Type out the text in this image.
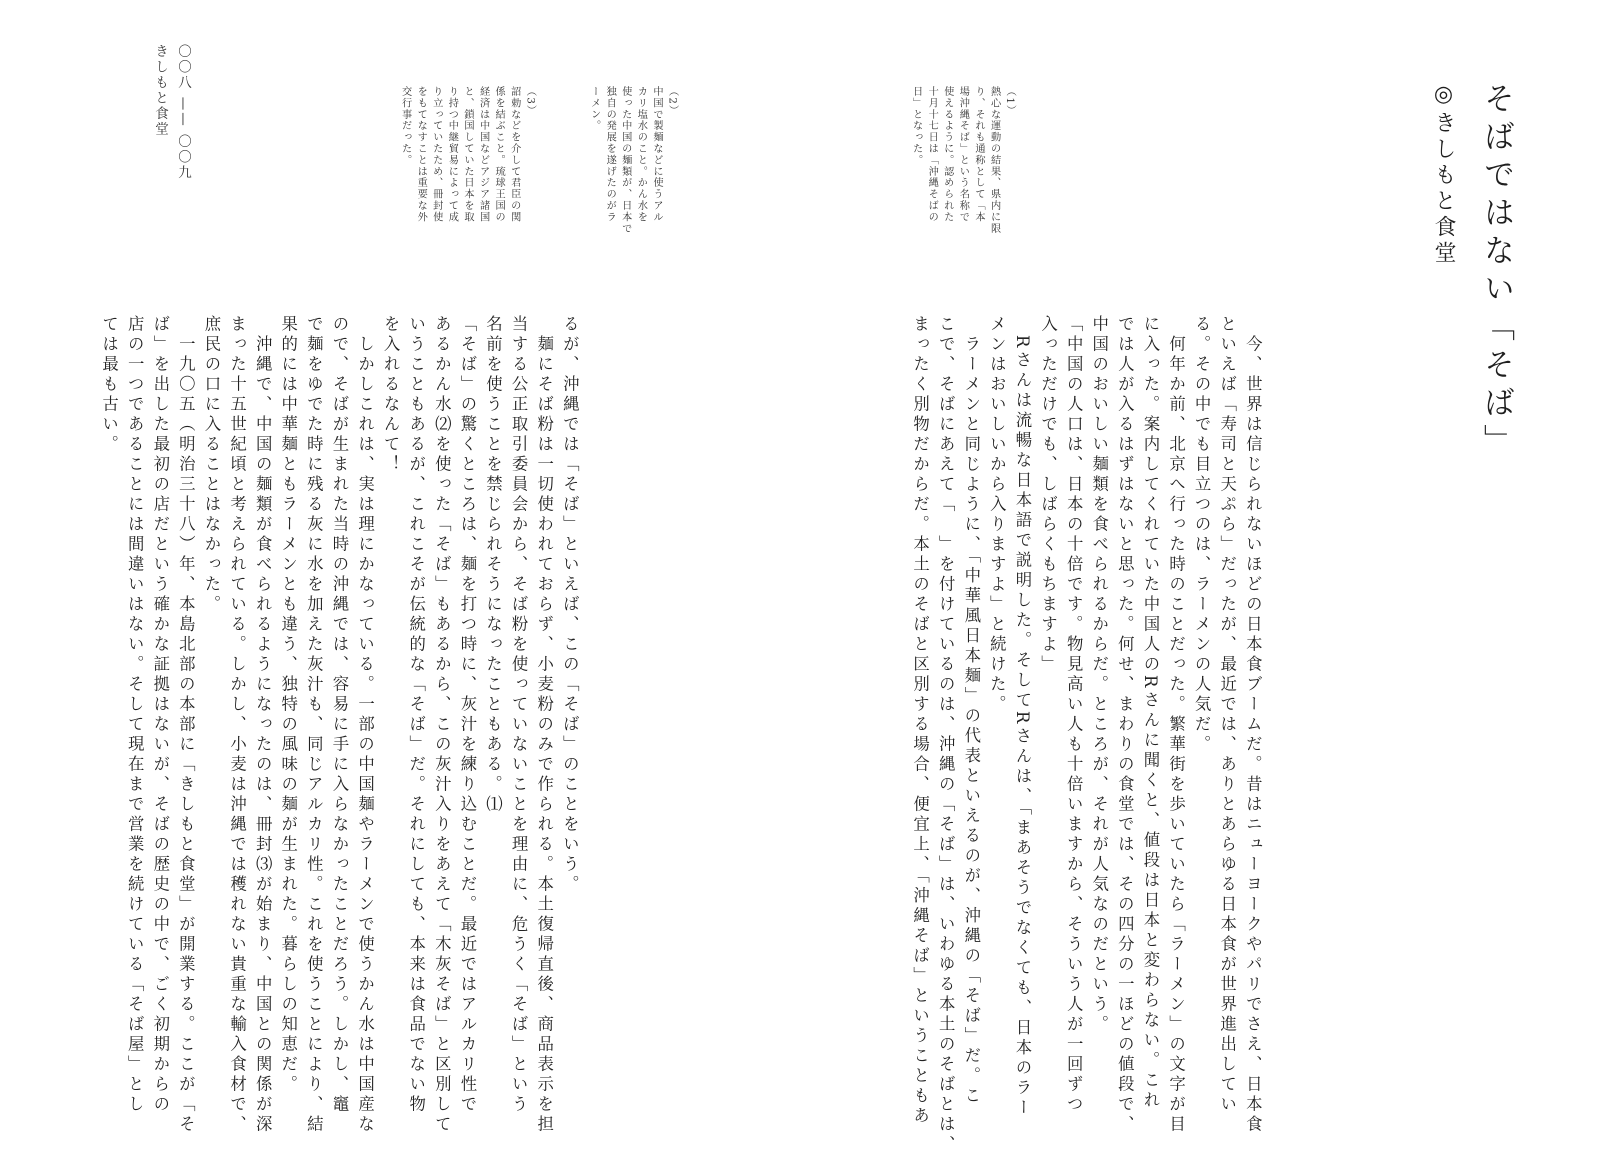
そばではない「そば」
◎きしもと食堂
　今、世界は信じられないほどの日本食ブームだ。昔はニューヨークやパリでさえ、日本食
といえば「寿司と天ぷら」だったが、最近では、ありとあらゆる日本食が世界進出してい
る。その中でも目立つのは、ラーメンの人気だ。
　何年か前、北京へ行った時のことだった。繁華街を歩いていたら「ラーメン」の文字が目
に入った。案内してくれていた中国人のRさんに聞くと、値段は日本と変わらない。これ
では人が入るはずはないと思った。何せ、まわりの食堂では、その四分の一ほどの値段で、
中国のおいしい麺類を食べられるからだ。ところが、それが人気なのだという。
「中国の人口は、日本の十倍です。物見高い人も十倍いますから、そういう人が一回ずつ
入っただけでも、しばらくもちますよ」
　Rさんは流暢な日本語で説明した。そしてRさんは、「まあそうでなくても、日本のラー
メンはおいしいから入りますよ」と続けた。
　ラーメンと同じように、「中華風日本麺」の代表といえるのが、沖縄の「そば」だ。こ
こで、そばにあえて「　」を付けているのは、沖縄の「そば」は、いわゆる本土のそばとは、
まったく別物だからだ。本土のそばと区別する場合、便宜上、「沖縄そば」ということもあ
るが、沖縄では「そば」といえば、この「そば」のことをいう。
　麺にそば粉は一切使われておらず、小麦粉のみで作られる。本土復帰直後、商品表示を担
当する公正取引委員会から、そば粉を使っていないことを理由に、危うく「そば」という
名前を使うことを禁じられそうになったこともある。⑴
「そば」の驚くところは、麺を打つ時に、灰汁を練り込むことだ。最近ではアルカリ性で
あるかん水⑵を使った「そば」もあるから、この灰汁入りをあえて「木灰そば」と区別して
いうこともあるが、これこそが伝統的な「そば」だ。それにしても、本来は食品でない物
を入れるなんて！
　しかしこれは、実は理にかなっている。一部の中国麺やラーメンで使うかん水は中国産な
ので、そばが生まれた当時の沖縄では、容易に手に入らなかったことだろう。しかし、竈
で麺をゆでた時に残る灰に水を加えた灰汁も、同じアルカリ性。これを使うことにより、結
果的には中華麺ともラーメンとも違う、独特の風味の麺が生まれた。暮らしの知恵だ。
　沖縄で、中国の麺類が食べられるようになったのは、冊封⑶が始まり、中国との関係が深
まった十五世紀頃と考えられている。しかし、小麦は沖縄では穫れない貴重な輸入食材で、
庶民の口に入ることはなかった。
　一九〇五（明治三十八）年、本島北部の本部に「きしもと食堂」が開業する。ここが「そ
ば」を出した最初の店だという確かな証拠はないが、そばの歴史の中で、ごく初期からの
店の一つであることには間違いはない。そして現在まで営業を続けている「そば屋」とし
ては最も古い。
（1）
熱心な運動の結果、県内に限
り、それも通称として「本
場沖縄そば」という名称で
使えるように。認められた
十月十七日は「沖縄そばの
日」となった。
（2）
中国で製麺などに使うアル
カリ塩水のこと。かん水を
使った中国の麺類が、日本で
独自の発展を遂げたのがラ
ーメン。
（3）
詔勅などを介して君臣の関
係を結ぶこと。琉球王国の
経済は中国などアジア諸国
と、鎖国していた日本を取
り持つ中継貿易によって成
り立っていたため、冊封使
をもてなすことは重要な外
交行事だった。
〇〇八 —— 〇〇九
きしもと食堂
